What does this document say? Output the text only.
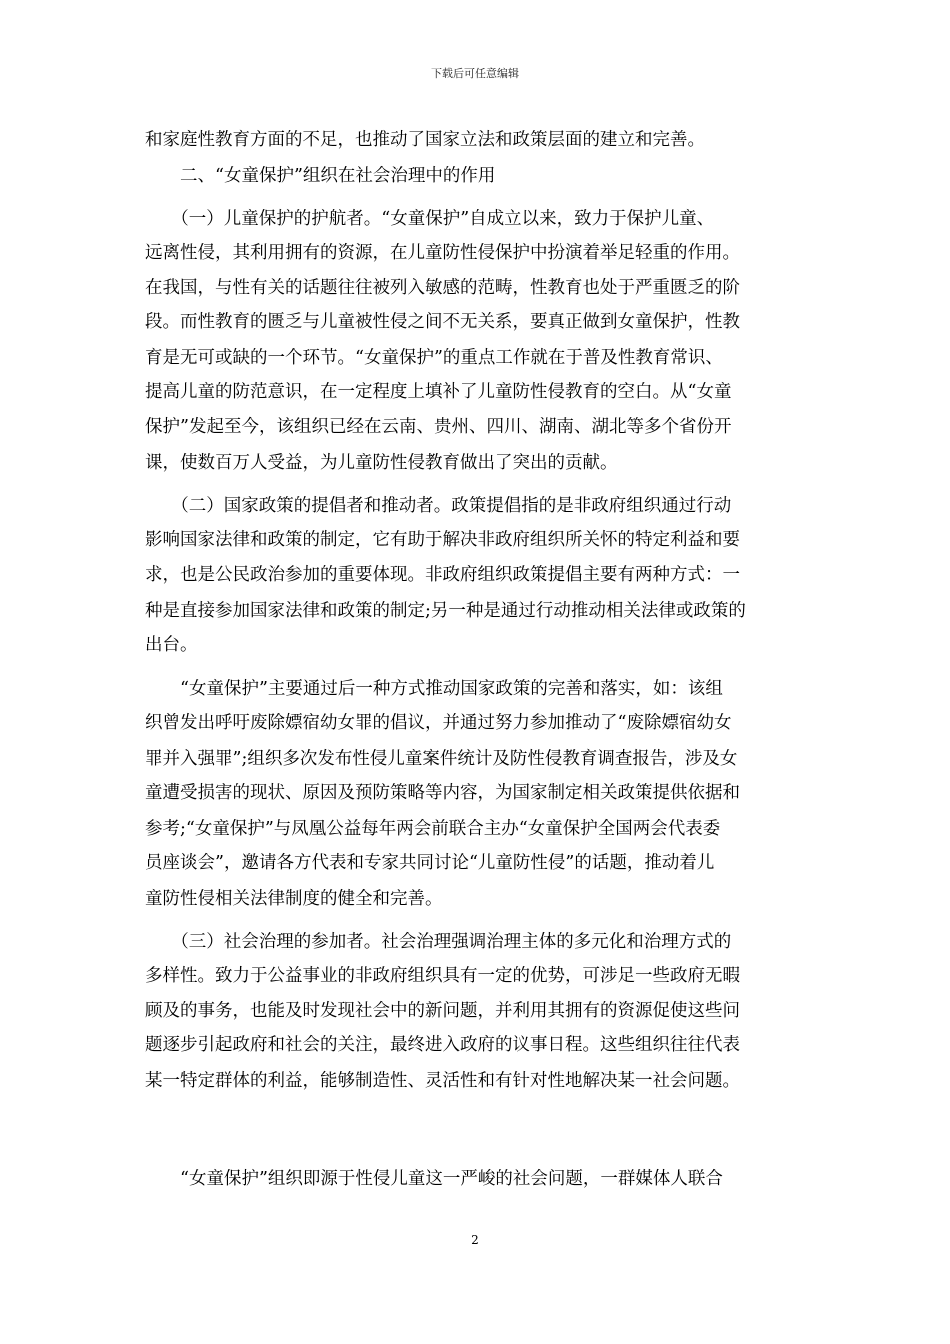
下载后可任意编辑
和家庭性教育方面的不足，也推动了国家立法和政策层面的建立和完善。
　　二、“女童保护”组织在社会治理中的作用
　　（一）儿童保护的护航者。“女童保护”自成立以来，致力于保护儿童、
远离性侵，其利用拥有的资源，在儿童防性侵保护中扮演着举足轻重的作用。
在我国，与性有关的话题往往被列入敏感的范畴，性教育也处于严重匮乏的阶
段。而性教育的匮乏与儿童被性侵之间不无关系，要真正做到女童保护，性教
育是无可或缺的一个环节。“女童保护”的重点工作就在于普及性教育常识、
提高儿童的防范意识，在一定程度上填补了儿童防性侵教育的空白。从“女童
保护”发起至今，该组织已经在云南、贵州、四川、湖南、湖北等多个省份开
课，使数百万人受益，为儿童防性侵教育做出了突出的贡献。
　　（二）国家政策的提倡者和推动者。政策提倡指的是非政府组织通过行动
影响国家法律和政策的制定，它有助于解决非政府组织所关怀的特定利益和要
求，也是公民政治参加的重要体现。非政府组织政策提倡主要有两种方式：一
种是直接参加国家法律和政策的制定;另一种是通过行动推动相关法律或政策的
出台。
　　“女童保护”主要通过后一种方式推动国家政策的完善和落实，如：该组
织曾发出呼吁废除嫖宿幼女罪的倡议，并通过努力参加推动了“废除嫖宿幼女
罪并入强罪”;组织多次发布性侵儿童案件统计及防性侵教育调查报告，涉及女
童遭受损害的现状、原因及预防策略等内容，为国家制定相关政策提供依据和
参考;“女童保护”与凤凰公益每年两会前联合主办“女童保护全国两会代表委
员座谈会”，邀请各方代表和专家共同讨论“儿童防性侵”的话题，推动着儿
童防性侵相关法律制度的健全和完善。
　　（三）社会治理的参加者。社会治理强调治理主体的多元化和治理方式的
多样性。致力于公益事业的非政府组织具有一定的优势，可涉足一些政府无暇
顾及的事务，也能及时发现社会中的新问题，并利用其拥有的资源促使这些问
题逐步引起政府和社会的关注，最终进入政府的议事日程。这些组织往往代表
某一特定群体的利益，能够制造性、灵活性和有针对性地解决某一社会问题。
　　“女童保护”组织即源于性侵儿童这一严峻的社会问题，一群媒体人联合
2
